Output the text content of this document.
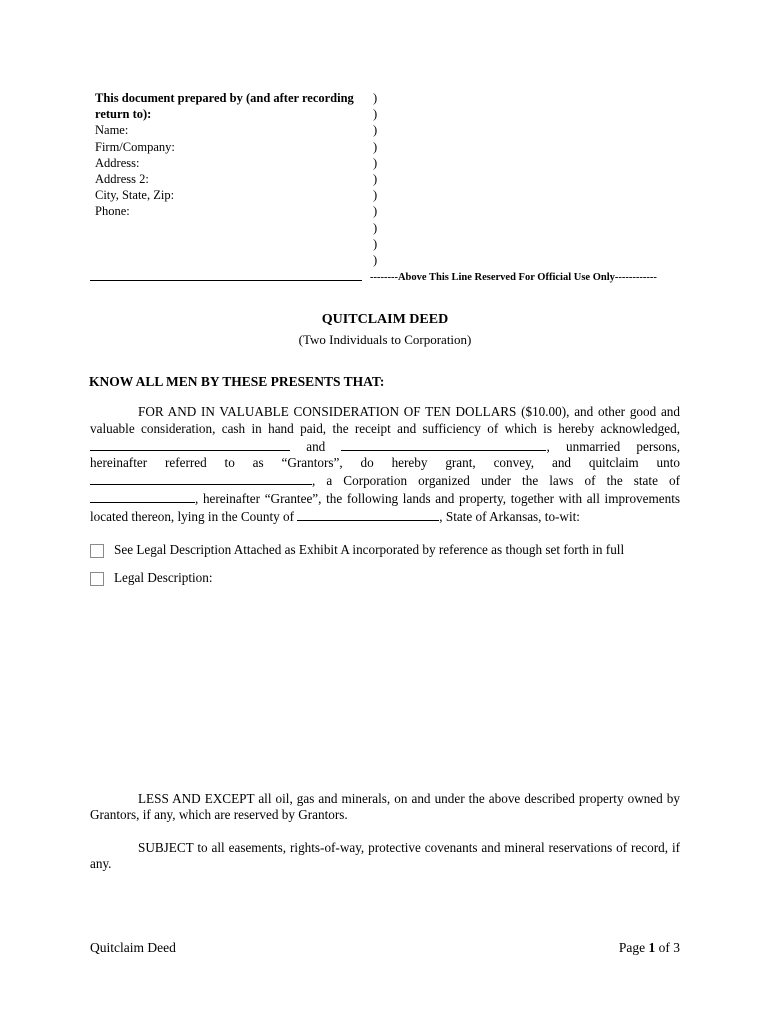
This document prepared by (and after recording return to):
Name:
Firm/Company:
Address:
Address 2:
City, State, Zip:
Phone:
)
)
)
)
)
)
)
)
)
)
)
--------Above This Line Reserved For Official Use Only------------
QUITCLAIM DEED
(Two Individuals to Corporation)
KNOW ALL MEN BY THESE PRESENTS THAT:
FOR AND IN VALUABLE CONSIDERATION OF TEN DOLLARS ($10.00), and other good and valuable consideration, cash in hand paid, the receipt and sufficiency of which is hereby acknowledged,  and	, unmarried persons, hereinafter referred to as “Grantors”, do hereby grant, convey, and quitclaim unto , a Corporation organized under the laws of the state of , hereinafter “Grantee”, the following lands and property, together with all improvements located thereon, lying in the County of	, State of Arkansas, to-wit:
See Legal Description Attached as Exhibit A incorporated by reference as though set forth in full
Legal Description:
LESS AND EXCEPT all oil, gas and minerals, on and under the above described property owned by Grantors, if any, which are reserved by Grantors.
SUBJECT to all easements, rights-of-way, protective covenants and mineral reservations of record, if any.
Quitclaim Deed	Page 1 of 3
